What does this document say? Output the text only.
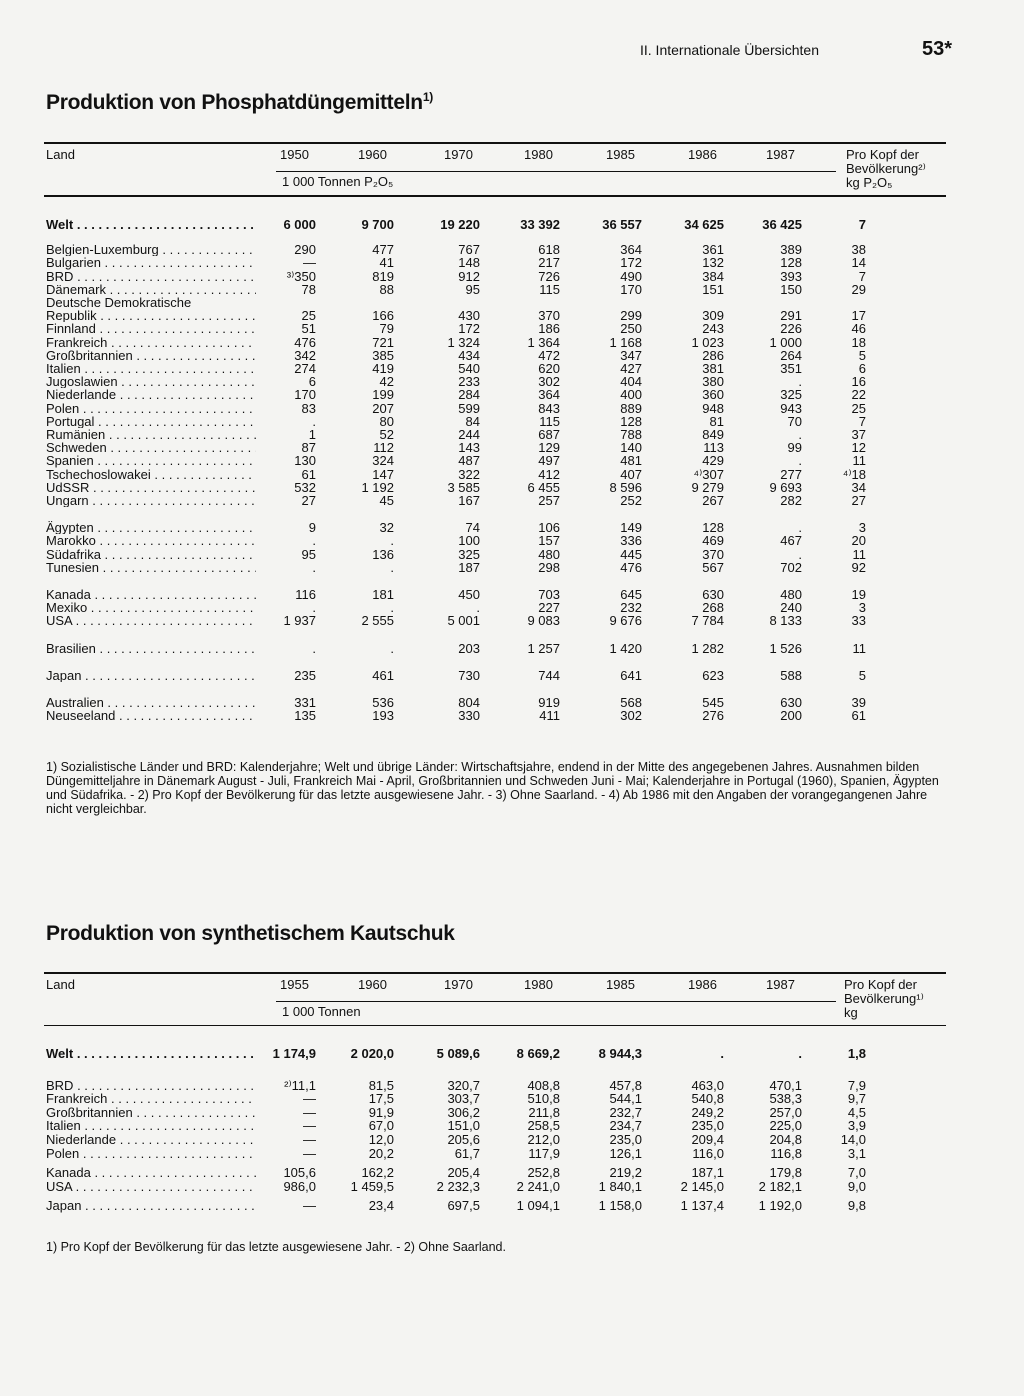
II. Internationale Übersichten	53*
Produktion von Phosphatdüngemitteln$^{1)}$
Land
1 000 Tonnen P₂O₅
Pro Kopf der
Bevölkerung²⁾
kg P₂O₅
1950	1960	1970	1980	1985	1986	1987
Welt . . .	6 000	9 700	19 220	33 392	36 557	34 625	36 425	7
Belgien-Luxemburg . . .	290	477	767	618	364	361	389	38
Bulgarien . . .	—	41	148	217	172	132	128	14
BRD . . .	³⁾350	819	912	726	490	384	393	7
Dänemark . . .	78	88	95	115	170	151	150	29
Deutsche Demokratische
Republik . . .	25	166	430	370	299	309	291	17
Finnland . . .	51	79	172	186	250	243	226	46
Frankreich . . .	476	721	1 324	1 364	1 168	1 023	1 000	18
Großbritannien . . .	342	385	434	472	347	286	264	5
Italien . . .	274	419	540	620	427	381	351	6
Jugoslawien . . .	6	42	233	302	404	380	.	16
Niederlande . . .	170	199	284	364	400	360	325	22
Polen . . .	83	207	599	843	889	948	943	25
Portugal . . .	.	80	84	115	128	81	70	7
Rumänien . . .	1	52	244	687	788	849	.	37
Schweden . . .	87	112	143	129	140	113	99	12
Spanien . . .	130	324	487	497	481	429	.	11
Tschechoslowakei . . .	61	147	322	412	407	⁴⁾307	277	⁴⁾18
UdSSR . . .	532	1 192	3 585	6 455	8 596	9 279	9 693	34
Ungarn . . .	27	45	167	257	252	267	282	27
Ägypten . . .	9	32	74	106	149	128	.	3
Marokko . . .	.	.	100	157	336	469	467	20
Südafrika . . .	95	136	325	480	445	370	.	11
Tunesien . . .	.	.	187	298	476	567	702	92
Kanada . . .	116	181	450	703	645	630	480	19
Mexiko . . .	.	.	.	227	232	268	240	3
USA . . .	1 937	2 555	5 001	9 083	9 676	7 784	8 133	33
Brasilien . . .	.	.	203	1 257	1 420	1 282	1 526	11
Japan . . .	235	461	730	744	641	623	588	5
Australien . . .	331	536	804	919	568	545	630	39
Neuseeland . . .	135	193	330	411	302	276	200	61

1) Sozialistische Länder und BRD: Kalenderjahre; Welt und übrige Länder: Wirtschaftsjahre, endend in der Mitte des angegebenen Jahres. Ausnahmen bilden Düngemitteljahre in Dänemark August - Juli, Frankreich Mai - April, Großbritannien und Schweden Juni - Mai; Kalenderjahre in Portugal (1960), Spanien, Ägypten und Südafrika. - 2) Pro Kopf der Bevölkerung für das letzte ausgewiesene Jahr. - 3) Ohne Saarland. - 4) Ab 1986 mit den Angaben der vorangegangenen Jahre nicht vergleichbar.

Produktion von synthetischem Kautschuk
Land
1 000 Tonnen
Pro Kopf der
Bevölkerung¹⁾
kg
1955	1960	1970	1980	1985	1986	1987
Welt . . .	1 174,9	2 020,0	5 089,6	8 669,2	8 944,3	.	.	1,8
BRD . . .	²⁾11,1	81,5	320,7	408,8	457,8	463,0	470,1	7,9
Frankreich . . .	—	17,5	303,7	510,8	544,1	540,8	538,3	9,7
Großbritannien . . .	—	91,9	306,2	211,8	232,7	249,2	257,0	4,5
Italien . . .	—	67,0	151,0	258,5	234,7	235,0	225,0	3,9
Niederlande . . .	—	12,0	205,6	212,0	235,0	209,4	204,8	14,0
Polen . . .	—	20,2	61,7	117,9	126,1	116,0	116,8	3,1
Kanada . . .	105,6	162,2	205,4	252,8	219,2	187,1	179,8	7,0
USA . . .	986,0	1 459,5	2 232,3	2 241,0	1 840,1	2 145,0	2 182,1	9,0
Japan . . .	—	23,4	697,5	1 094,1	1 158,0	1 137,4	1 192,0	9,8

1) Pro Kopf der Bevölkerung für das letzte ausgewiesene Jahr. - 2) Ohne Saarland.
